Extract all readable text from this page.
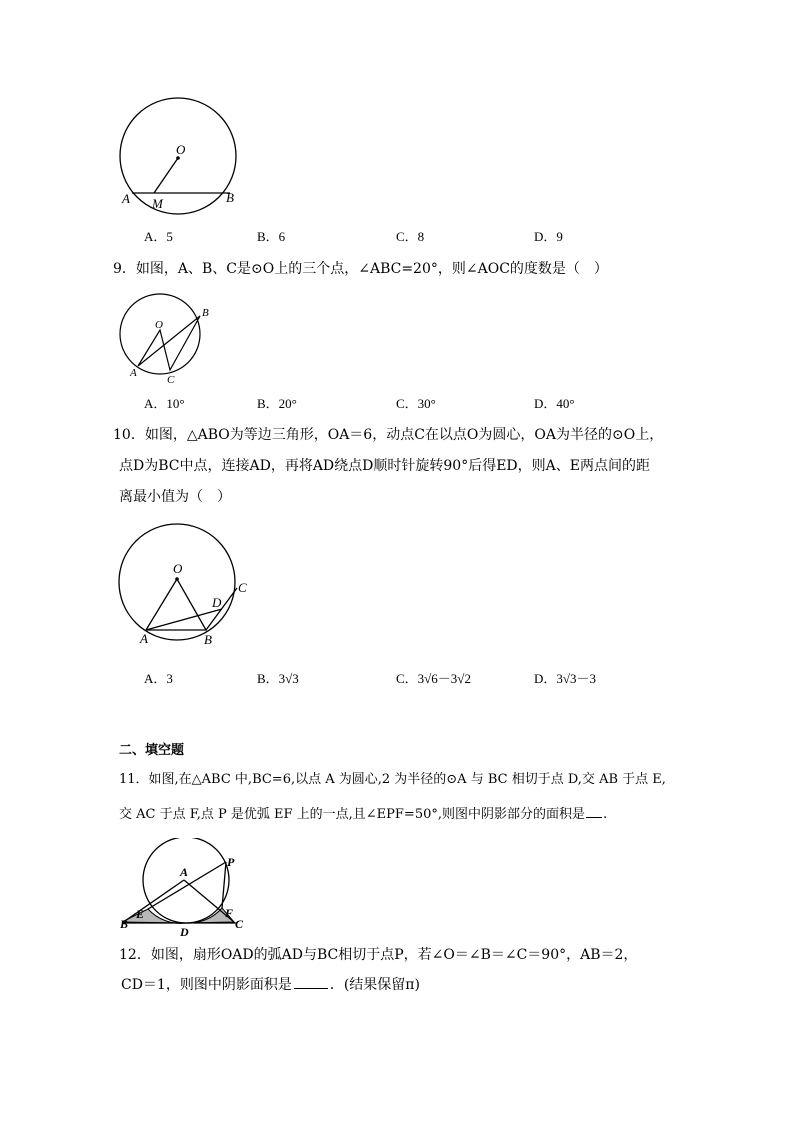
O
A M	B
A．5	B．6	C．8	D．9
9．如图，A、B、C是⊙O上的三个点，∠ABC=20°，则∠AOC的度数是（　）
O
B
A
C
A．10°	B．20°	C．30°	D．40°
10．如图，△ABO为等边三角形，OA＝6，动点C在以点O为圆心，OA为半径的⊙O上，
点D为BC中点，连接AD，再将AD绕点D顺时针旋转90°后得ED，则A、E两点间的距
离最小值为（　）
O
C
D
A	B
A．3	B．3√3	C．3√6－3√2	D．3√3－3
二、填空题
11．如图,在△ABC 中,BC=6,以点 A 为圆心,2 为半径的⊙A 与 BC 相切于点 D,交 AB 于点 E,
交 AC 于点 F,点 P 是优弧 EF 上的一点,且∠EPF=50°,则图中阴影部分的面积是 .
A
P
E	F
B	C
D
12．如图，扇形OAD的弧AD与BC相切于点P，若∠O＝∠B＝∠C＝90°，AB＝2，
CD＝1，则图中阴影面积是	．(结果保留π)
